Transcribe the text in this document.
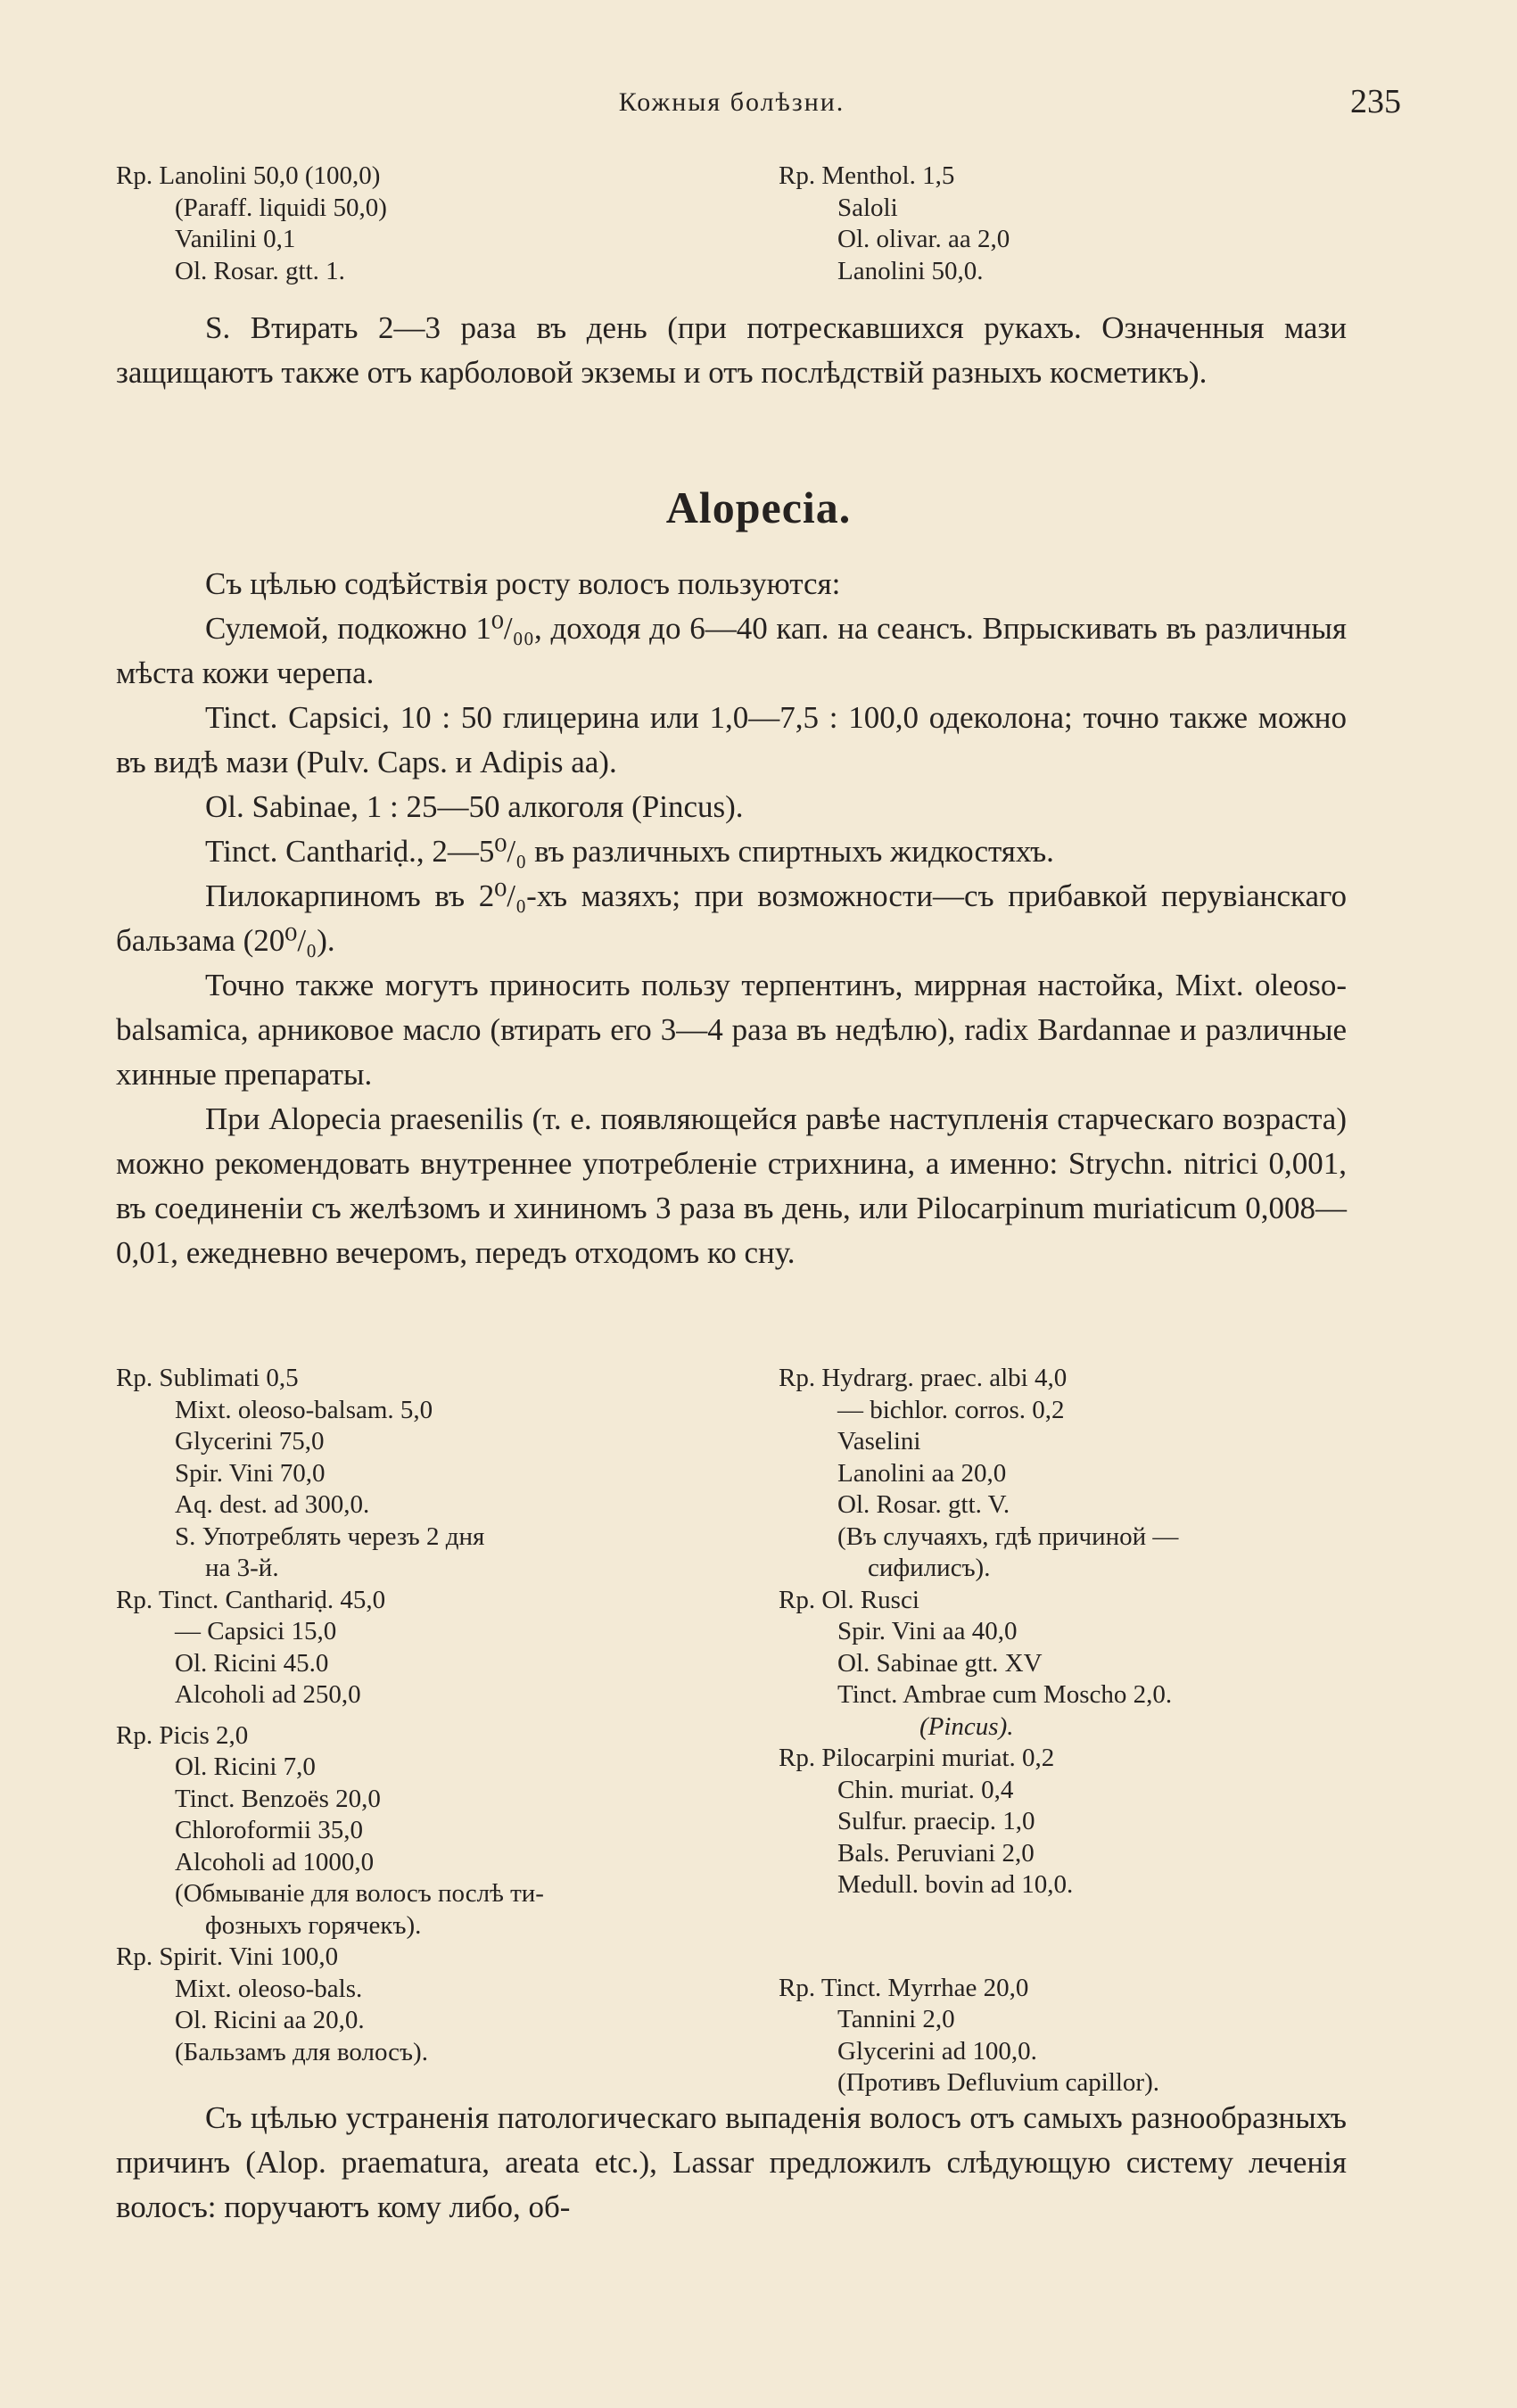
Кожныя болѣзни.	235
Rp. Lanolini 50,0 (100,0)
(Paraff. liquidi 50,0)
Vanilini 0,1
Ol. Rosar. gtt. 1.
Rp. Menthol. 1,5
Saloli
Ol. olivar. aa 2,0
Lanolini 50,0.

S. Втирать 2—3 раза въ день (при потрескавшихся рукахъ. Означенныя мази защищаютъ также отъ карболовой экземы и отъ послѣдствій разныхъ косметикъ).

Alopecia.

Съ цѣлью содѣйствія росту волосъ пользуются:

Сулемой, подкожно 1⁰/₀₀, доходя до 6—40 кап. на сеансъ. Впрыскивать въ различныя мѣста кожи черепа.

Tinct. Capsici, 10 : 50 глицерина или 1,0—7,5 : 100,0 одеколона; точно также можно въ видѣ мази (Pulv. Caps. и Adipis aa).

Ol. Sabinae, 1 : 25—50 алкоголя (Pincus).

Tinct. Canthariḍ., 2—5⁰/₀ въ различныхъ спиртныхъ жидкостяхъ.

Пилокарпиномъ въ 2⁰/₀-хъ мазяхъ; при возможности—съ прибавкой перувіанскаго бальзама (20⁰/₀).

Точно также могутъ приносить пользу терпентинъ, миррная настойка, Mixt. oleoso-balsamica, арниковое масло (втирать его 3—4 раза въ недѣлю), radix Bardannae и различные хинные препараты.

При Alopecia praesenilis (т. е. появляющейся равѣе наступленія старческаго возраста) можно рекомендовать внутреннее употребленіе стрихнина, а именно: Strychn. nitrici 0,001, въ соединеніи съ желѣзомъ и хининомъ 3 раза въ день, или Pilocarpinum muriaticum 0,008—0,01, ежедневно вечеромъ, передъ отходомъ ко сну.

Rp. Sublimati 0,5
Mixt. oleoso-balsam. 5,0
Glycerini 75,0
Spir. Vini 70,0
Aq. dest. ad 300,0.
S. Употреблять черезъ 2 дня
на 3-й.
Rp. Tinct. Canthariḍ. 45,0
— Capsici 15,0
Ol. Ricini 45.0
Alcoholi ad 250,0
Rp. Picis 2,0
Ol. Ricini 7,0
Tinct. Benzoës 20,0
Chloroformii 35,0
Alcoholi ad 1000,0
(Обмываніе для волосъ послѣ ти-
фозныхъ горячекъ).
Rp. Spirit. Vini 100,0
Mixt. oleoso-bals.
Ol. Ricini aa 20,0.
(Бальзамъ для волосъ).
Rp. Hydrarg. praec. albi 4,0
— bichlor. corros. 0,2
Vaselini
Lanolini aa 20,0
Ol. Rosar. gtt. V.
(Въ случаяхъ, гдѣ причиной —
сифилисъ).
Rp. Ol. Rusci
Spir. Vini aa 40,0
Ol. Sabinae gtt. XV
Tinct. Ambrae cum Moscho 2,0.
(Pincus).
Rp. Pilocarpini muriat. 0,2
Chin. muriat. 0,4
Sulfur. praecip. 1,0
Bals. Peruviani 2,0
Medull. bovin ad 10,0.
Rp. Tinct. Myrrhae 20,0
Tannini 2,0
Glycerini ad 100,0.
(Противъ Defluvium capillor).

Съ цѣлью устраненія патологическаго выпаденія волосъ отъ самыхъ разнообразныхъ причинъ (Alop. praematura, areata etc.), Lassar предложилъ слѣдующую систему леченія волосъ: поручаютъ кому либо, об-
